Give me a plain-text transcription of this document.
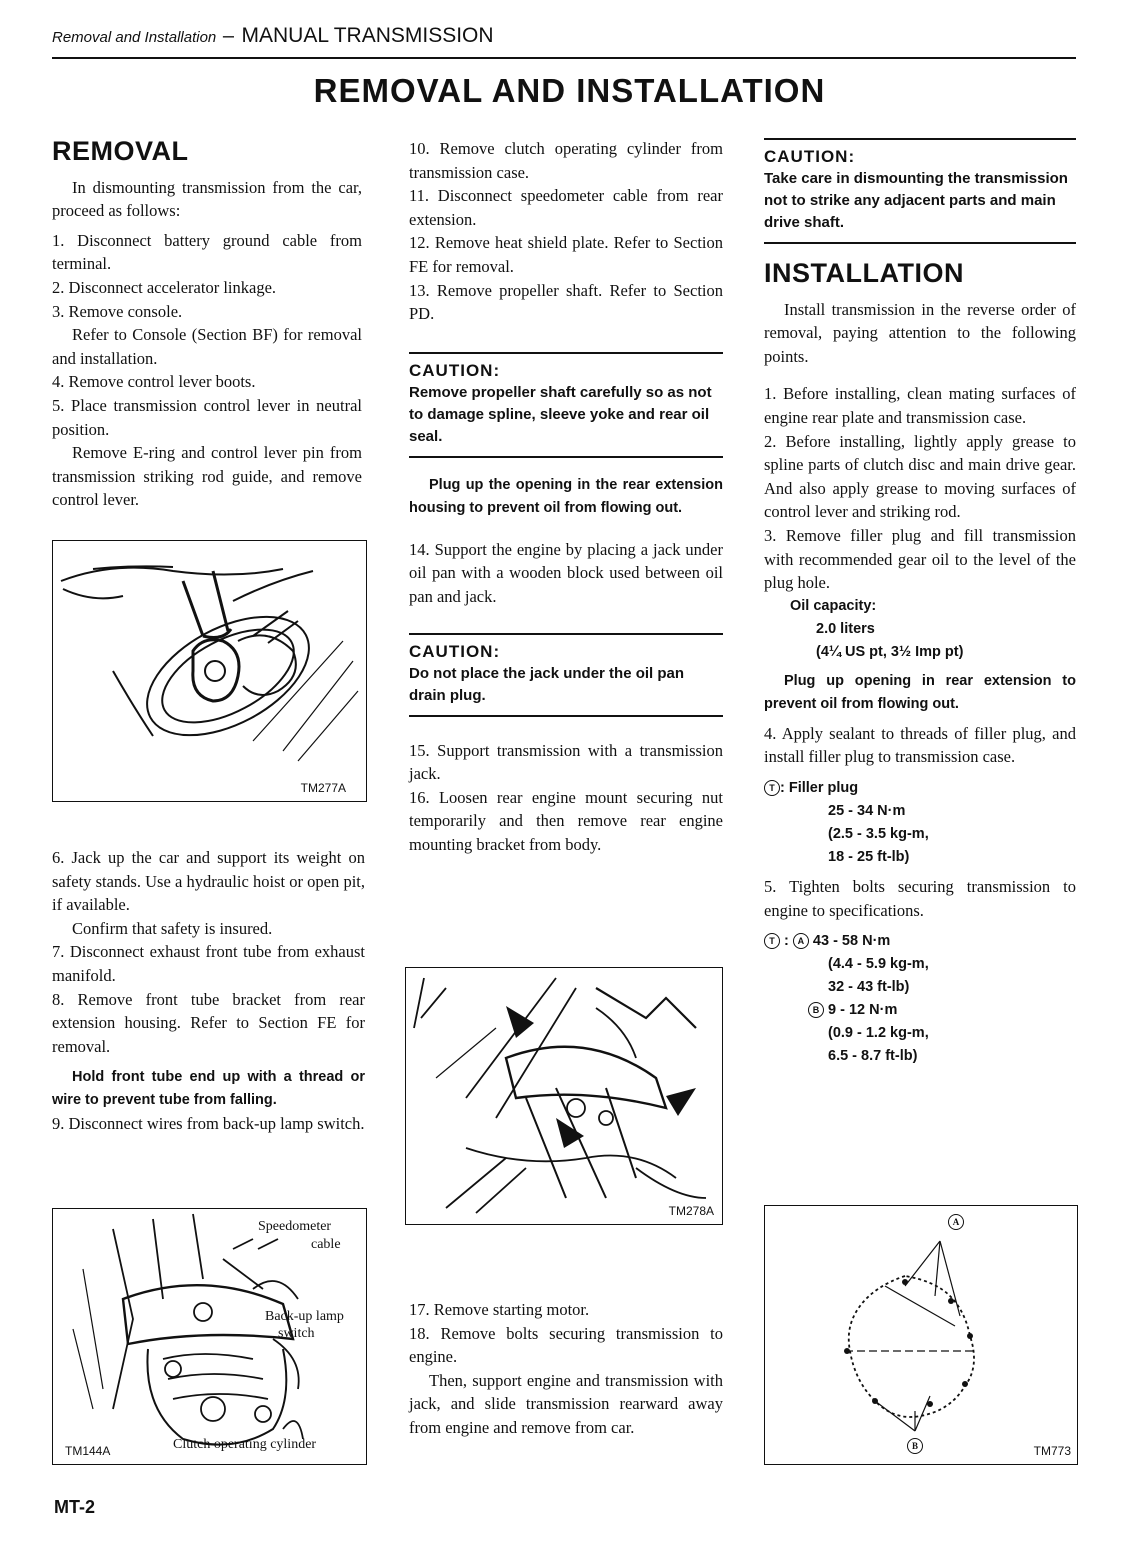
Removal and Installation – MANUAL TRANSMISSION
REMOVAL AND INSTALLATION
REMOVAL

In dismounting transmission from the car, proceed as follows:

1. Disconnect battery ground cable from terminal.

2. Disconnect accelerator linkage.

3. Remove console.

Refer to Console (Section BF) for removal and installation.

4. Remove control lever boots.

5. Place transmission control lever in neutral position.

Remove E-ring and control lever pin from transmission striking rod guide, and remove control lever.

TM277A

6. Jack up the car and support its weight on safety stands. Use a hydraulic hoist or open pit, if available.

Confirm that safety is insured.

7. Disconnect exhaust front tube from exhaust manifold.

8. Remove front tube bracket from rear extension housing. Refer to Section FE for removal.

Hold front tube end up with a thread or wire to prevent tube from falling.

9. Disconnect wires from back-up lamp switch.

Speedometer
cable
Back-up lamp
switch
Clutch operating cylinder
TM144A

10. Remove clutch operating cylinder from transmission case.

11. Disconnect speedometer cable from rear extension.

12. Remove heat shield plate. Refer to Section FE for removal.

13. Remove propeller shaft. Refer to Section PD.

CAUTION:
Remove propeller shaft carefully so as not to damage spline, sleeve yoke and rear oil seal.

Plug up the opening in the rear extension housing to prevent oil from flowing out.

14. Support the engine by placing a jack under oil pan with a wooden block used between oil pan and jack.

CAUTION:
Do not place the jack under the oil pan drain plug.

15. Support transmission with a transmission jack.

16. Loosen rear engine mount securing nut temporarily and then remove rear engine mounting bracket from body.

TM278A

17. Remove starting motor.

18. Remove bolts securing transmission to engine.

Then, support engine and transmission with jack, and slide transmission rearward away from engine and remove from car.

CAUTION:
Take care in dismounting the transmission not to strike any adjacent parts and main drive shaft.
INSTALLATION

Install transmission in the reverse order of removal, paying attention to the following points.

1. Before installing, clean mating surfaces of engine rear plate and transmission case.

2. Before installing, lightly apply grease to spline parts of clutch disc and main drive gear. And also apply grease to moving surfaces of control lever and striking rod.

3. Remove filler plug and fill transmission with recommended gear oil to the level of the plug hole.

Oil capacity:
2.0 liters
(4¼ US pt, 3½ Imp pt)

Plug up opening in rear extension to prevent oil from flowing out.

4. Apply sealant to threads of filler plug, and install filler plug to transmission case.

T : Filler plug
25 - 34 N·m
(2.5 - 3.5 kg-m,
18 - 25 ft-lb)

5. Tighten bolts securing transmission to engine to specifications.

T : A 43 - 58 N·m
(4.4 - 5.9 kg-m,
32 - 43 ft-lb)
B 9 - 12 N·m
(0.9 - 1.2 kg-m,
6.5 - 8.7 ft-lb)
A
B	TM773
MT-2
